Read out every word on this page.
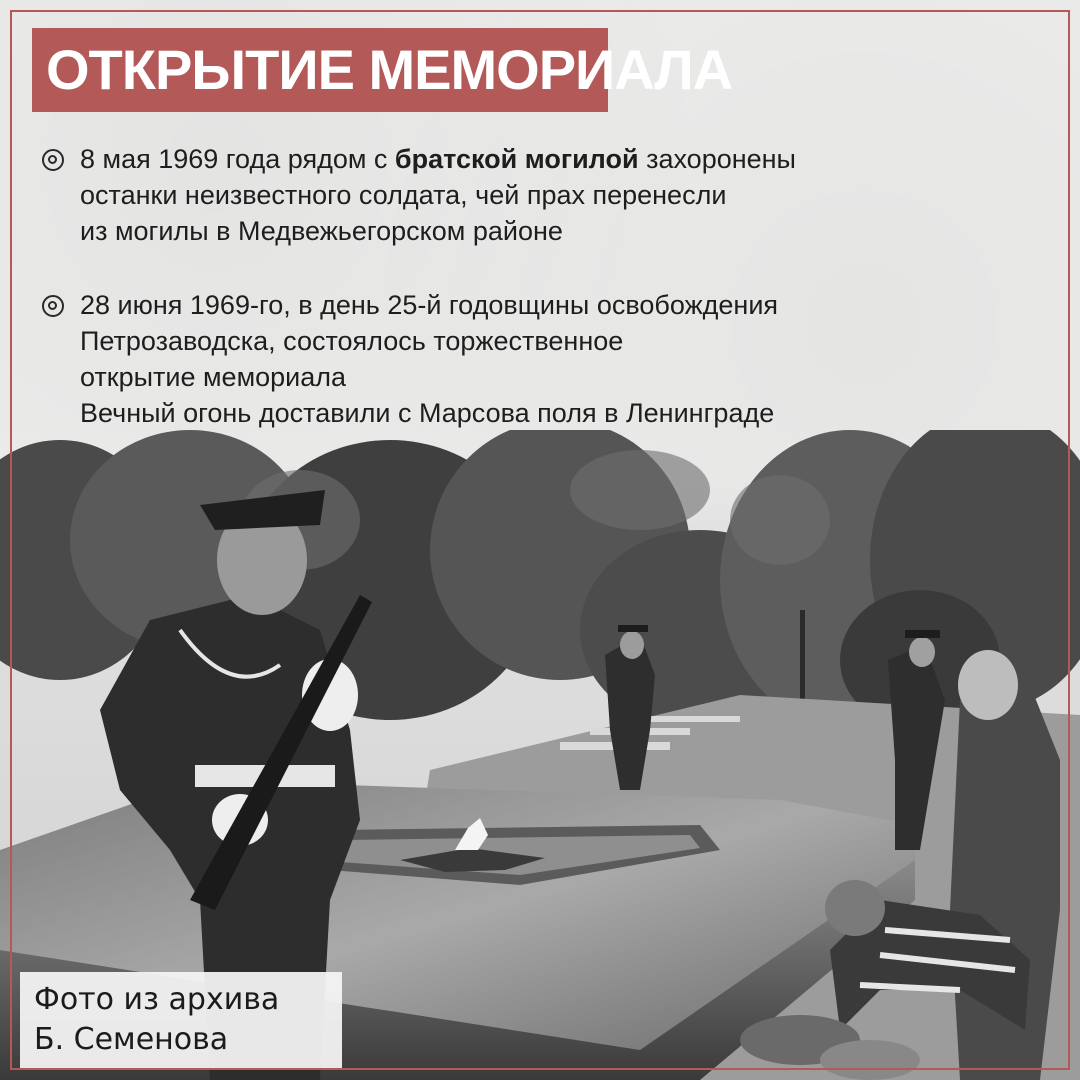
ОТКРЫТИЕ МЕМОРИАЛА
8 мая 1969 года рядом с братской могилой захоронены
останки неизвестного солдата, чей прах перенесли
из могилы в Медвежьегорском районе
28 июня 1969-го, в день 25-й годовщины освобождения
Петрозаводска, состоялось торжественное
открытие мемориала
Вечный огонь доставили с Марсова поля в Ленинграде
Фото из архива
Б. Семенова
